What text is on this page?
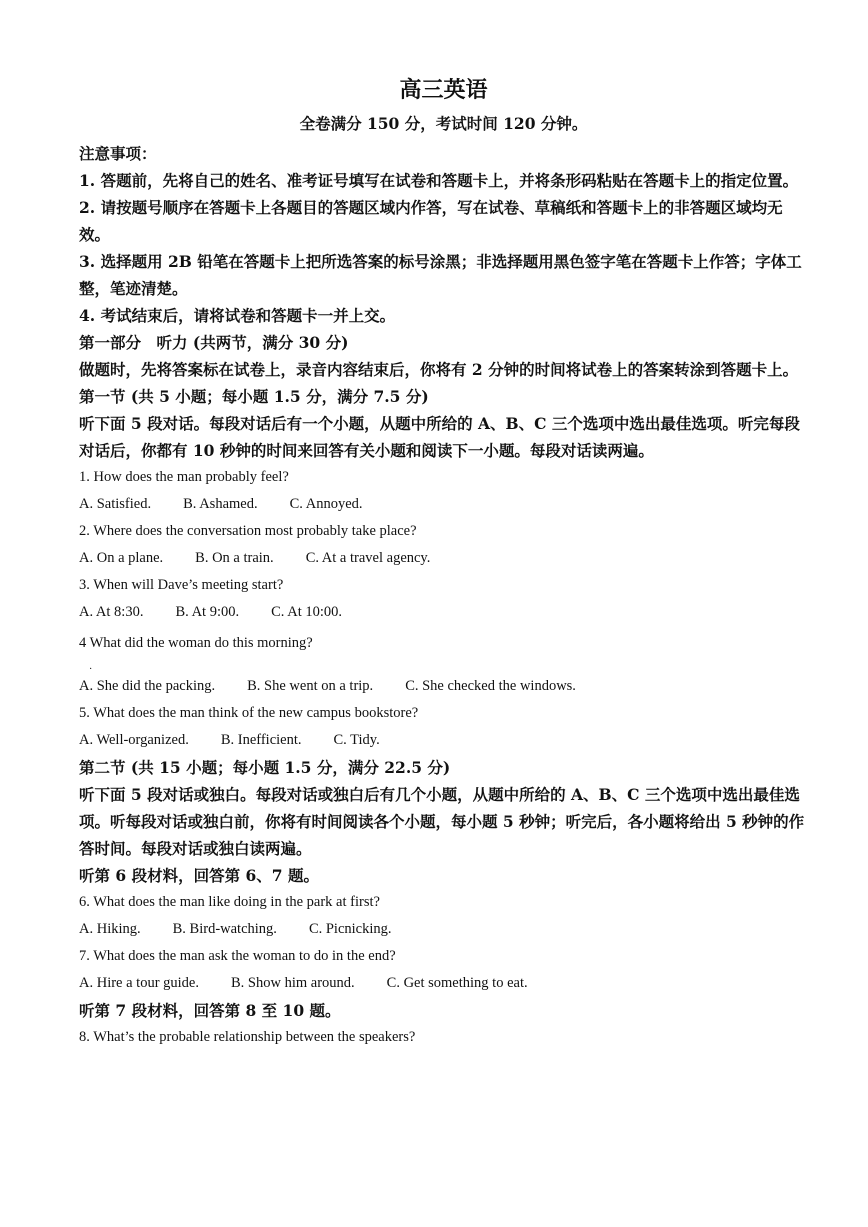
高三英语
全卷满分 150 分，考试时间 120 分钟。
注意事项：
1. 答题前，先将自己的姓名、准考证号填写在试卷和答题卡上，并将条形码粘贴在答题卡上的指定位置。
2. 请按题号顺序在答题卡上各题目的答题区域内作答，写在试卷、草稿纸和答题卡上的非答题区域均无效。
3. 选择题用 2B 铅笔在答题卡上把所选答案的标号涂黑；非选择题用黑色签字笔在答题卡上作答；字体工整，笔迹清楚。
4. 考试结束后，请将试卷和答题卡一并上交。
第一部分　听力 (共两节，满分 30 分)
做题时，先将答案标在试卷上，录音内容结束后，你将有 2 分钟的时间将试卷上的答案转涂到答题卡上。
第一节 (共 5 小题；每小题 1.5 分，满分 7.5 分)
听下面 5 段对话。每段对话后有一个小题，从题中所给的 A、B、C 三个选项中选出最佳选项。听完每段对话后，你都有 10 秒钟的时间来回答有关小题和阅读下一小题。每段对话读两遍。
1. How does the man probably feel?
A. Satisfied. B. Ashamed. C. Annoyed.
2. Where does the conversation most probably take place?
A. On a plane. B. On a train. C. At a travel agency.
3. When will Dave’s meeting start?
A. At 8:30. B. At 9:00. C. At 10:00.
4 What did the woman do this morning?
·
A. She did the packing. B. She went on a trip. C. She checked the windows.
5. What does the man think of the new campus bookstore?
A. Well-organized. B. Inefficient. C. Tidy.
第二节 (共 15 小题；每小题 1.5 分，满分 22.5 分)
听下面 5 段对话或独白。每段对话或独白后有几个小题，从题中所给的 A、B、C 三个选项中选出最佳选项。听每段对话或独白前，你将有时间阅读各个小题，每小题 5 秒钟；听完后，各小题将给出 5 秒钟的作答时间。每段对话或独白读两遍。
听第 6 段材料，回答第 6、7 题。
6. What does the man like doing in the park at first?
A. Hiking. B. Bird-watching. C. Picnicking.
7. What does the man ask the woman to do in the end?
A. Hire a tour guide. B. Show him around. C. Get something to eat.
听第 7 段材料，回答第 8 至 10 题。
8. What’s the probable relationship between the speakers?
